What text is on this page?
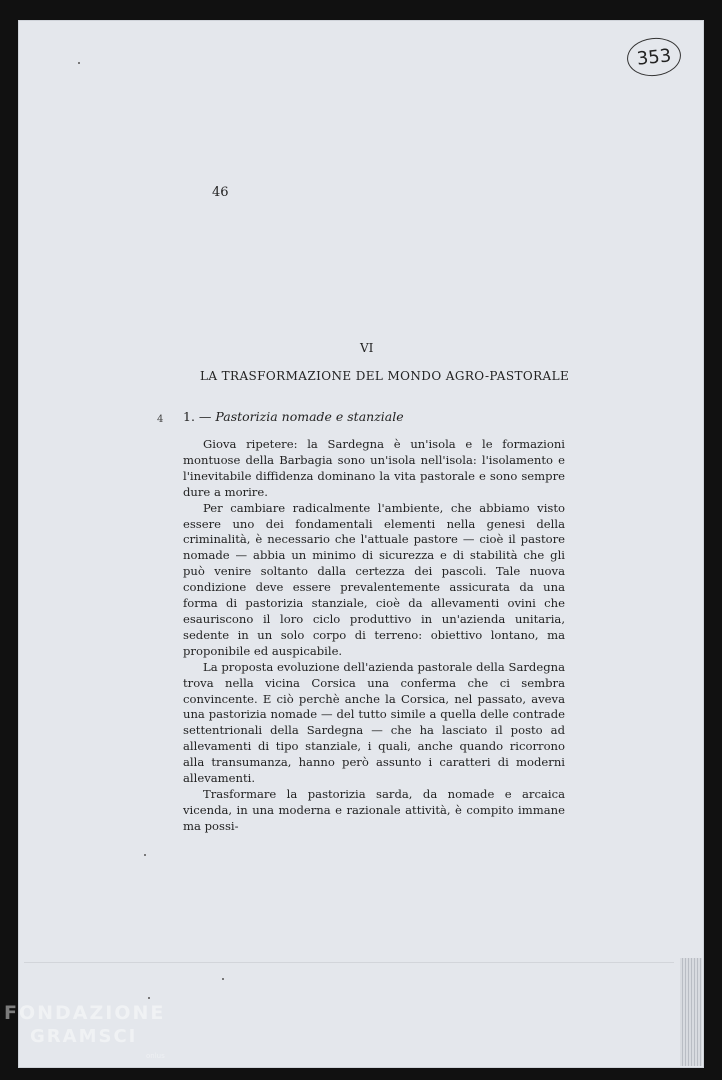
353
46
VI
LA TRASFORMAZIONE DEL MONDO AGRO-PASTORALE
4 1. — Pastorizia nomade e stanziale

Giova ripetere: la Sardegna è un'isola e le formazioni montuose della Barbagia sono un'isola nell'isola: l'isolamento e l'inevitabile diffidenza dominano la vita pastorale e sono sempre dure a morire.

Per cambiare radicalmente l'ambiente, che abbiamo visto essere uno dei fondamentali elementi nella genesi della criminalità, è necessario che l'attuale pastore — cioè il pastore nomade — abbia un minimo di sicurezza e di stabilità che gli può venire soltanto dalla certezza dei pascoli. Tale nuova condizione deve essere prevalentemente assicurata da una forma di pastorizia stanziale, cioè da allevamenti ovini che esauriscono il loro ciclo produttivo in un'azienda unitaria, sedente in un solo corpo di terreno: obiettivo lontano, ma proponibile ed auspicabile.

La proposta evoluzione dell'azienda pastorale della Sardegna trova nella vicina Corsica una conferma che ci sembra convincente. E ciò perchè anche la Corsica, nel passato, aveva una pastorizia nomade — del tutto simile a quella delle contrade settentrionali della Sardegna — che ha lasciato il posto ad allevamenti di tipo stanziale, i quali, anche quando ricorrono alla transumanza, hanno però assunto i caratteri di moderni allevamenti.

Trasformare la pastorizia sarda, da nomade e arcaica vicenda, in una moderna e razionale attività, è compito immane ma possi-

FONDAZIONE
GRAMSCI
onlus
